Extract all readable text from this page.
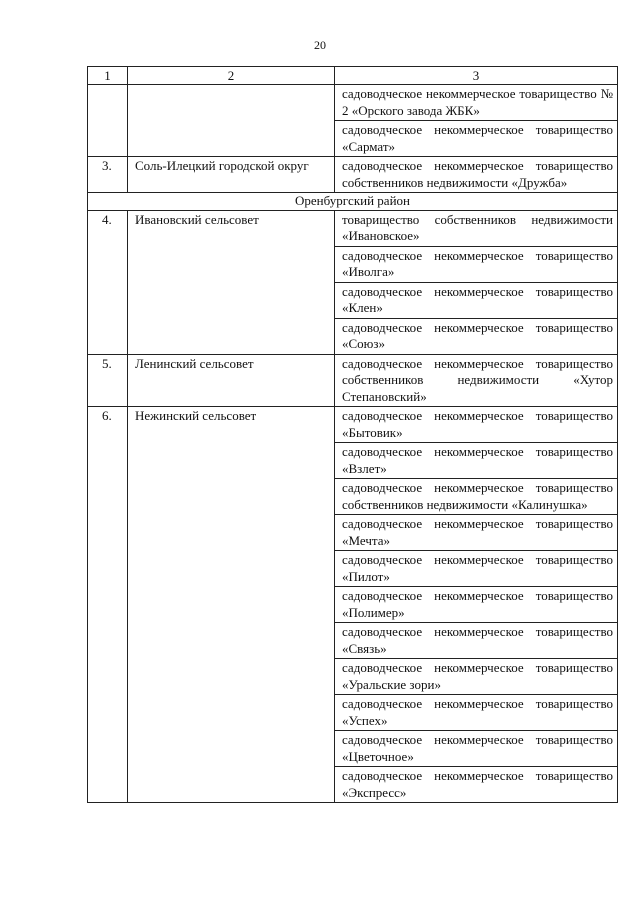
20
1	2	3
		садоводческое некоммерческое товарищество № 2 «Орского завода ЖБК»
		садоводческое некоммерческое товарищество «Сармат»
3.	Соль-Илецкий городской округ	садоводческое некоммерческое товарищество собственников недвижимости «Дружба»
Оренбургский район		
4.	Ивановский сельсовет	товарищество собственников недвижимости «Ивановское»
		садоводческое некоммерческое товарищество «Иволга»
		садоводческое некоммерческое товарищество «Клен»
		садоводческое некоммерческое товарищество «Союз»
5.	Ленинский сельсовет	садоводческое некоммерческое товарищество собственников недвижимости «Хутор Степановский»
6.	Нежинский сельсовет	садоводческое некоммерческое товарищество «Бытовик»
		садоводческое некоммерческое товарищество «Взлет»
		садоводческое некоммерческое товарищество собственников недвижимости «Калинушка»
		садоводческое некоммерческое товарищество «Мечта»
		садоводческое некоммерческое товарищество «Пилот»
		садоводческое некоммерческое товарищество «Полимер»
		садоводческое некоммерческое товарищество «Связь»
		садоводческое некоммерческое товарищество «Уральские зори»
		садоводческое некоммерческое товарищество «Успех»
		садоводческое некоммерческое товарищество «Цветочное»
		садоводческое некоммерческое товарищество «Экспресс»
